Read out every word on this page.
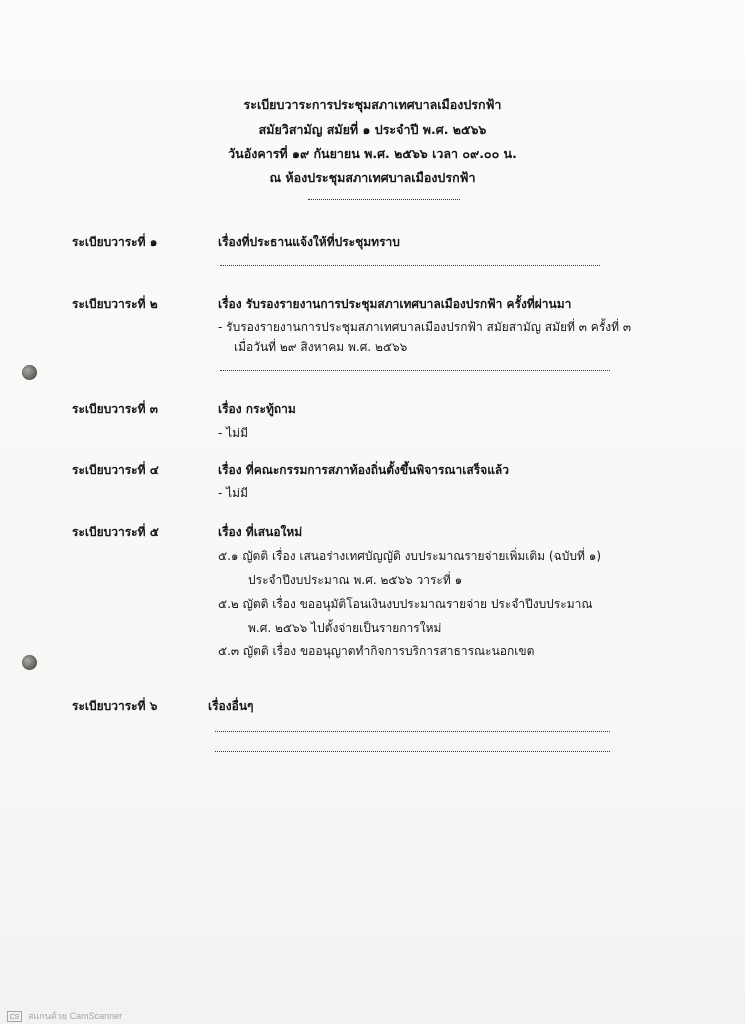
ระเบียบวาระการประชุมสภาเทศบาลเมืองปรกฟ้า
สมัยวิสามัญ สมัยที่ ๑ ประจำปี พ.ศ. ๒๕๖๖
วันอังคารที่ ๑๙ กันยายน พ.ศ. ๒๕๖๖ เวลา ๐๙.๐๐ น.
ณ ห้องประชุมสภาเทศบาลเมืองปรกฟ้า
ระเบียบวาระที่ ๑	เรื่องที่ประธานแจ้งให้ที่ประชุมทราบ
ระเบียบวาระที่ ๒	เรื่อง รับรองรายงานการประชุมสภาเทศบาลเมืองปรกฟ้า ครั้งที่ผ่านมา
- รับรองรายงานการประชุมสภาเทศบาลเมืองปรกฟ้า สมัยสามัญ สมัยที่ ๓ ครั้งที่ ๓
เมื่อวันที่ ๒๙ สิงหาคม พ.ศ. ๒๕๖๖
ระเบียบวาระที่ ๓	เรื่อง กระทู้ถาม
- ไม่มี
ระเบียบวาระที่ ๔	เรื่อง ที่คณะกรรมการสภาท้องถิ่นตั้งขึ้นพิจารณาเสร็จแล้ว
- ไม่มี
ระเบียบวาระที่ ๕	เรื่อง ที่เสนอใหม่
๕.๑ ญัตติ เรื่อง เสนอร่างเทศบัญญัติ งบประมาณรายจ่ายเพิ่มเติม (ฉบับที่ ๑)
ประจำปีงบประมาณ พ.ศ. ๒๕๖๖ วาระที่ ๑
๕.๒ ญัตติ เรื่อง ขออนุมัติโอนเงินงบประมาณรายจ่าย ประจำปีงบประมาณ
พ.ศ. ๒๕๖๖ ไปตั้งจ่ายเป็นรายการใหม่
๕.๓ ญัตติ เรื่อง ขออนุญาตทำกิจการบริการสาธารณะนอกเขต
ระเบียบวาระที่ ๖	เรื่องอื่นๆ
CS สแกนด้วย CamScanner
